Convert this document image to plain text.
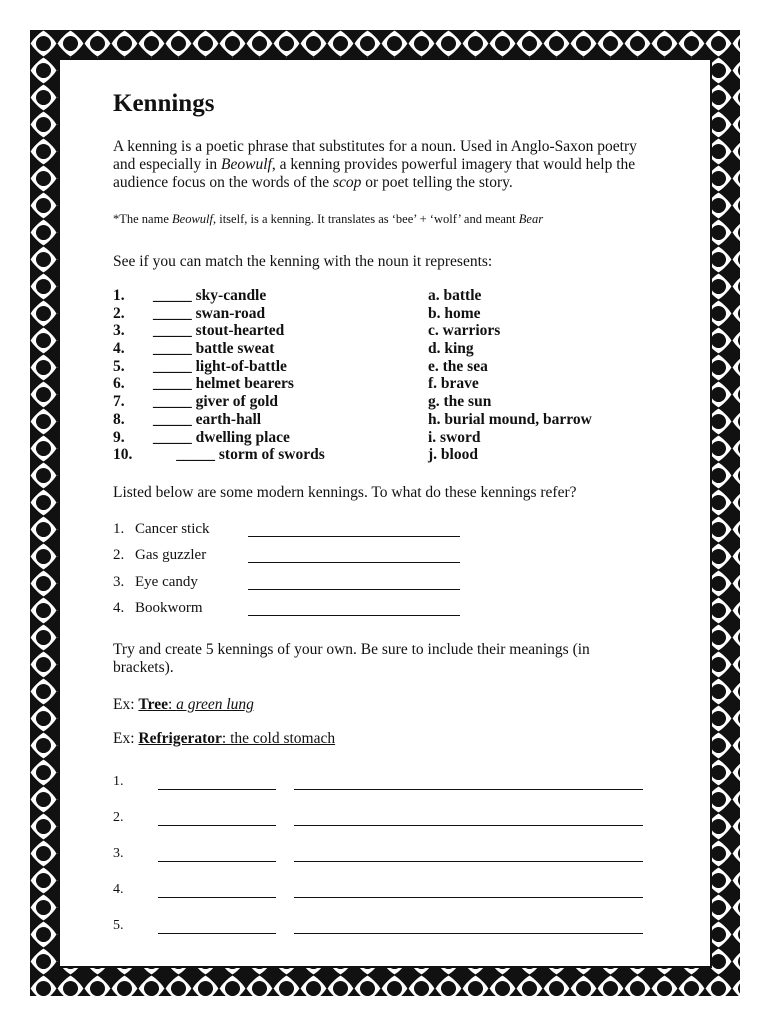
Kennings

A kenning is a poetic phrase that substitutes for a noun. Used in Anglo-Saxon poetry and especially in Beowulf, a kenning provides powerful imagery that would help the audience focus on the words of the scop or poet telling the story.

*The name Beowulf, itself, is a kenning. It translates as ‘bee’ + ‘wolf’ and meant Bear

See if you can match the kenning with the noun it represents:

1.	_____ sky-candle	a. battle
2.	_____ swan-road	b. home
3.	_____ stout-hearted	c. warriors
4.	_____ battle sweat	d. king
5.	_____ light-of-battle	e. the sea
6.	_____ helmet bearers	f. brave
7.	_____ giver of gold	g. the sun
8.	_____ earth-hall	h. burial mound, barrow
9.	_____ dwelling place	i. sword
10.	_____ storm of swords	j. blood

Listed below are some modern kennings. To what do these kennings refer?

1. Cancer stick
2. Gas guzzler
3. Eye candy
4. Bookworm

Try and create 5 kennings of your own. Be sure to include their meanings (in brackets).

Ex: Tree: a green lung

Ex: Refrigerator: the cold stomach

1.
2.
3.
4.
5.
